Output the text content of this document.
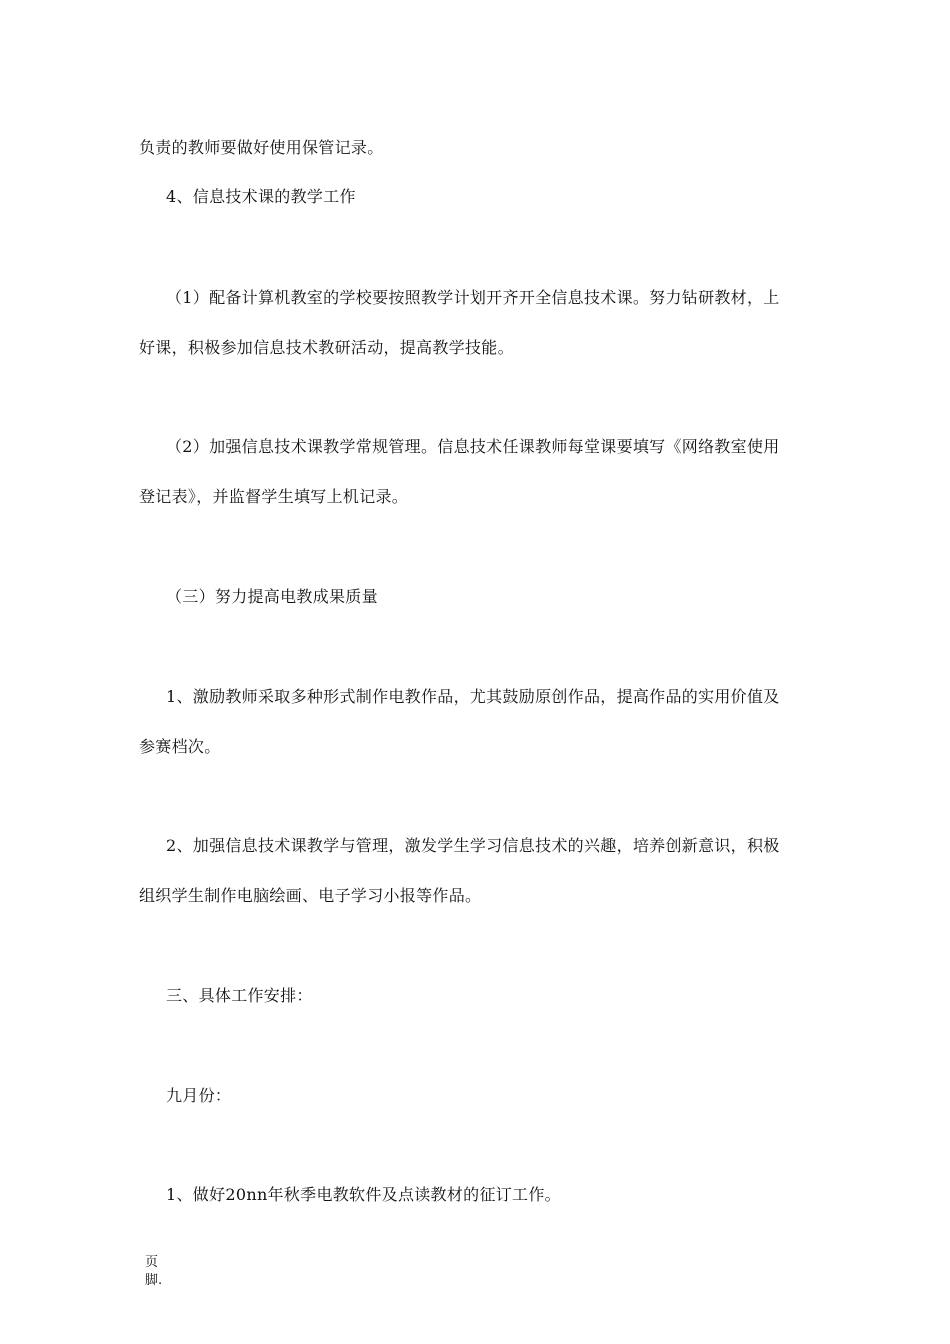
负责的教师要做好使用保管记录。
4、信息技术课的教学工作
（1）配备计算机教室的学校要按照教学计划开齐开全信息技术课。努力钻研教材，上
好课，积极参加信息技术教研活动，提高教学技能。
（2）加强信息技术课教学常规管理。信息技术任课教师每堂课要填写《网络教室使用
登记表》，并监督学生填写上机记录。
（三）努力提高电教成果质量
1、激励教师采取多种形式制作电教作品，尤其鼓励原创作品，提高作品的实用价值及
参赛档次。
2、加强信息技术课教学与管理，激发学生学习信息技术的兴趣，培养创新意识，积极
组织学生制作电脑绘画、电子学习小报等作品。
三、具体工作安排：
九月份：
1、做好20nn年秋季电教软件及点读教材的征订工作。
页
脚.
